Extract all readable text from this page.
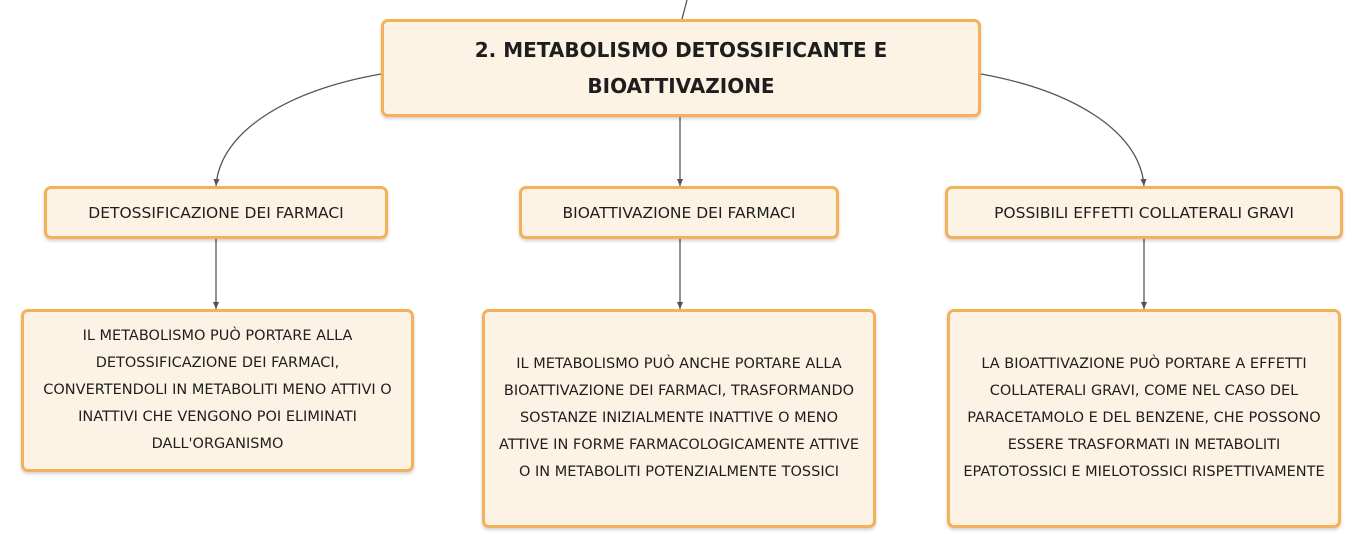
2. METABOLISMO DETOSSIFICANTE E BIOATTIVAZIONE
DETOSSIFICAZIONE DEI FARMACI	BIOATTIVAZIONE DEI FARMACI	POSSIBILI EFFETTI COLLATERALI GRAVI
IL METABOLISMO PUÒ PORTARE ALLA DETOSSIFICAZIONE DEI FARMACI, CONVERTENDOLI IN METABOLITI MENO ATTIVI O INATTIVI CHE VENGONO POI ELIMINATI DALL'ORGANISMO
IL METABOLISMO PUÒ ANCHE PORTARE ALLA BIOATTIVAZIONE DEI FARMACI, TRASFORMANDO SOSTANZE INIZIALMENTE INATTIVE O MENO ATTIVE IN FORME FARMACOLOGICAMENTE ATTIVE O IN METABOLITI POTENZIALMENTE TOSSICI
LA BIOATTIVAZIONE PUÒ PORTARE A EFFETTI COLLATERALI GRAVI, COME NEL CASO DEL PARACETAMOLO E DEL BENZENE, CHE POSSONO ESSERE TRASFORMATI IN METABOLITI EPATOTOSSICI E MIELOTOSSICI RISPETTIVAMENTE
